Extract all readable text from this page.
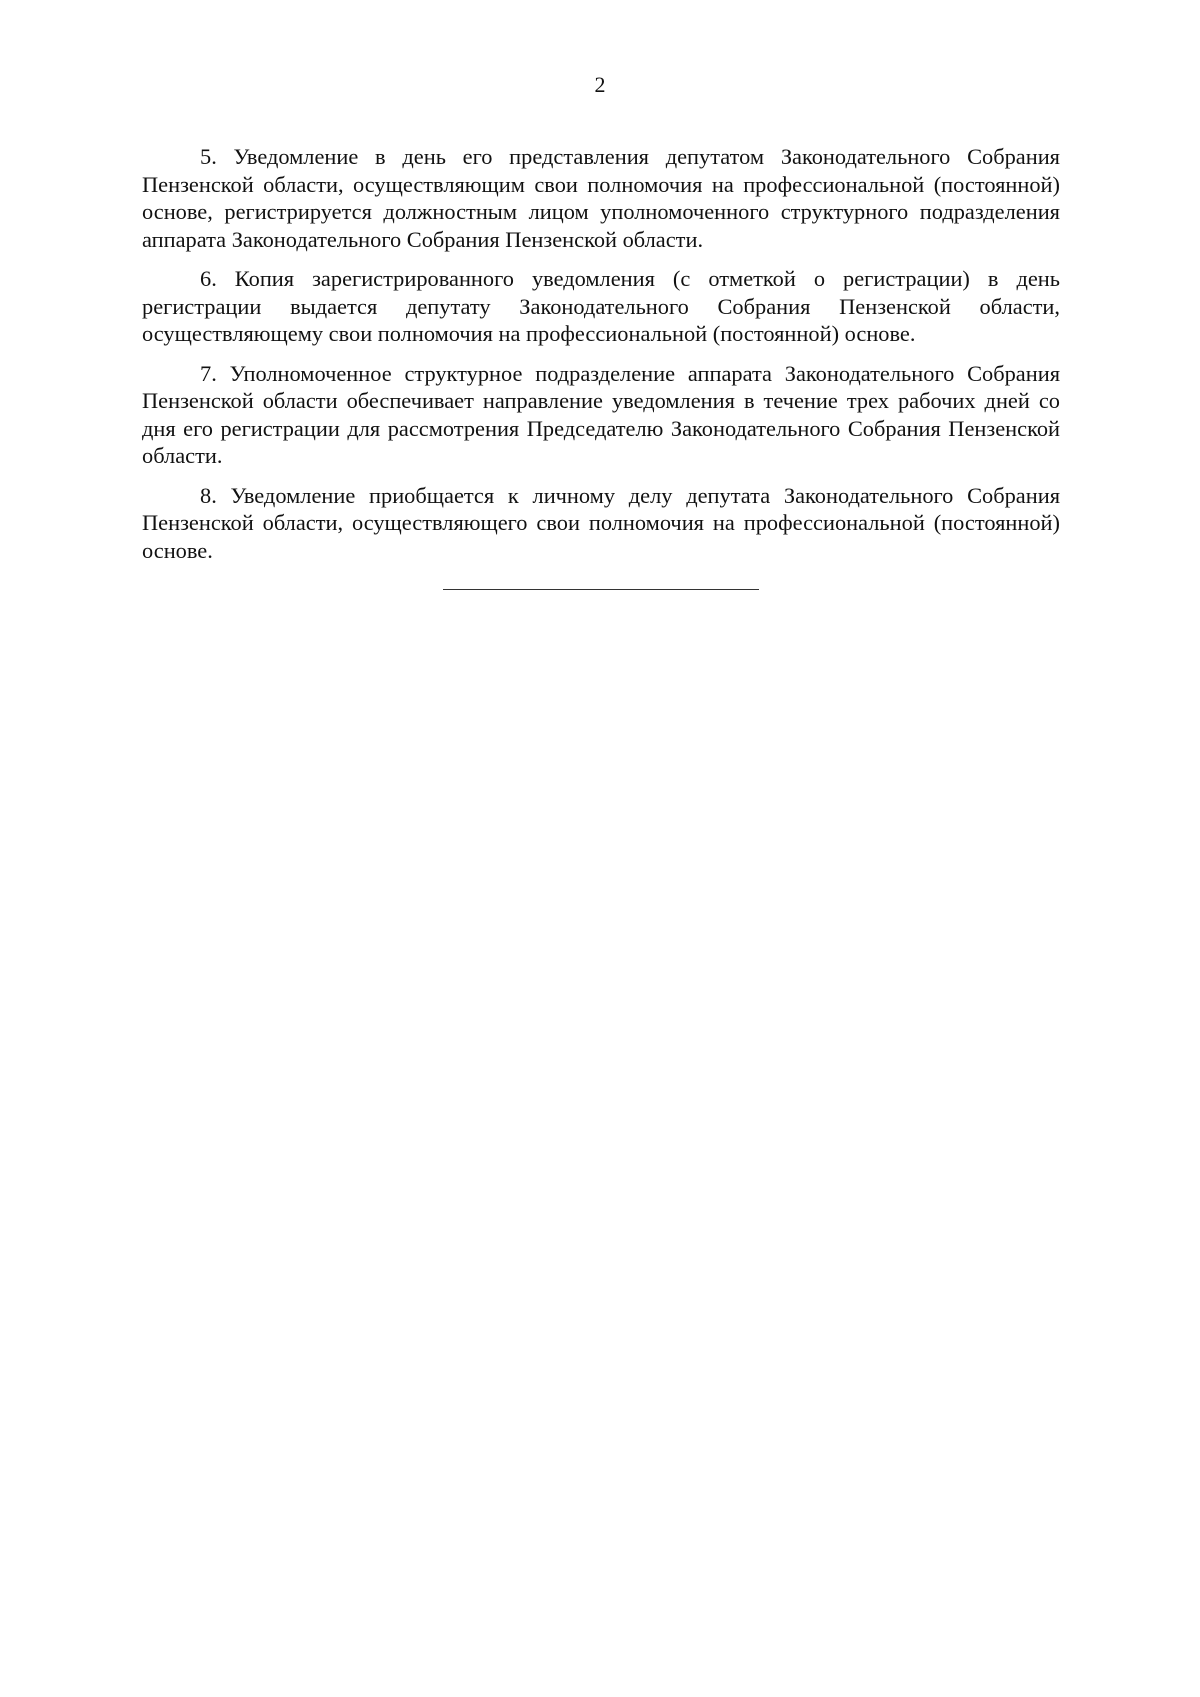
2

5. Уведомление в день его представления депутатом Законодательного Собрания Пензенской области, осуществляющим свои полномочия на профессиональной (постоянной) основе, регистрируется должностным лицом уполномоченного структурного подразделения аппарата Законодательного Собрания Пензенской области.

6. Копия зарегистрированного уведомления (с отметкой о регистрации) в день регистрации выдается депутату Законодательного Собрания Пензенской области, осуществляющему свои полномочия на профессиональной (постоянной) основе.

7. Уполномоченное структурное подразделение аппарата Законодательного Собрания Пензенской области обеспечивает направление уведомления в течение трех рабочих дней со дня его регистрации для рассмотрения Председателю Законодательного Собрания Пензенской области.

8. Уведомление приобщается к личному делу депутата Законодательного Собрания Пензенской области, осуществляющего свои полномочия на профессиональной (постоянной) основе.
